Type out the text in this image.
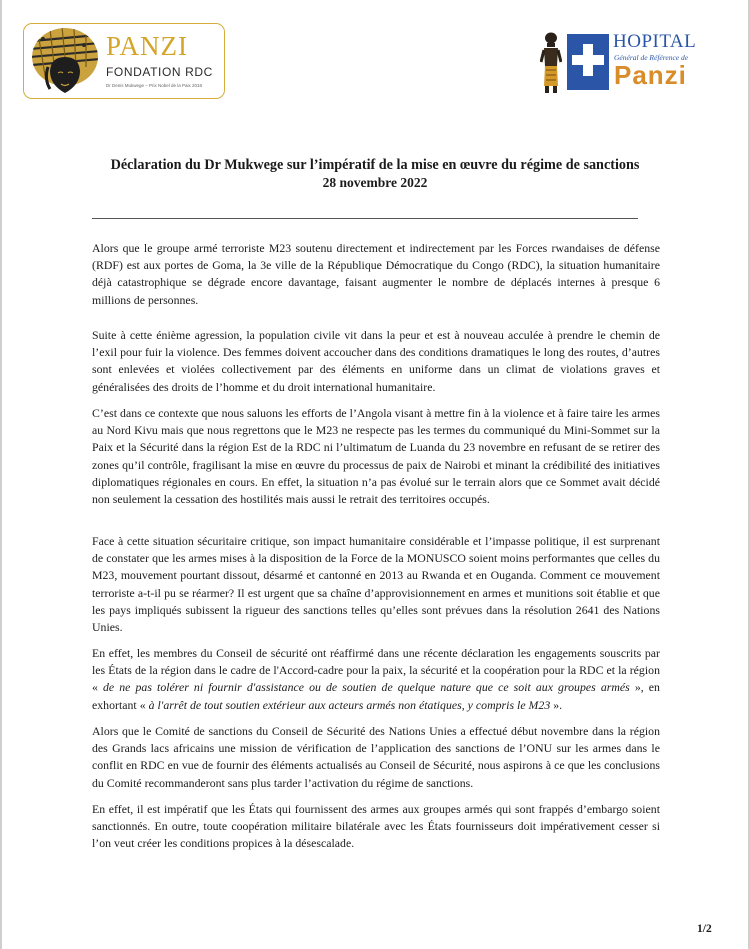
PANZI
FONDATION RDC
Dr Denis Mukwege – Prix Nobel de la Paix 2018
HOPITAL
Général de Référence de
Panzi
Déclaration du Dr Mukwege sur l’impératif de la mise en œuvre du régime de sanctions
28 novembre 2022

Alors que le groupe armé terroriste M23 soutenu directement et indirectement par les Forces rwandaises de défense (RDF) est aux portes de Goma, la 3e ville de la République Démocratique du Congo (RDC), la situation humanitaire déjà catastrophique se dégrade encore davantage, faisant augmenter le nombre de déplacés internes à presque 6 millions de personnes.

Suite à cette énième agression, la population civile vit dans la peur et est à nouveau acculée à prendre le chemin de l’exil pour fuir la violence. Des femmes doivent accoucher dans des conditions dramatiques le long des routes, d’autres sont enlevées et violées collectivement par des éléments en uniforme dans un climat de violations graves et généralisées des droits de l’homme et du droit international humanitaire.

C’est dans ce contexte que nous saluons les efforts de l’Angola visant à mettre fin à la violence et à faire taire les armes au Nord Kivu mais que nous regrettons que le M23 ne respecte pas les termes du communiqué du Mini-Sommet sur la Paix et la Sécurité dans la région Est de la RDC ni l’ultimatum de Luanda du 23 novembre en refusant de se retirer des zones qu’il contrôle, fragilisant la mise en œuvre du processus de paix de Nairobi et minant la crédibilité des initiatives diplomatiques régionales en cours. En effet, la situation n’a pas évolué sur le terrain alors que ce Sommet avait décidé non seulement la cessation des hostilités mais aussi le retrait des territoires occupés.

Face à cette situation sécuritaire critique, son impact humanitaire considérable et l’impasse politique, il est surprenant de constater que les armes mises à la disposition de la Force de la MONUSCO soient moins performantes que celles du M23, mouvement pourtant dissout, désarmé et cantonné en 2013 au Rwanda et en Ouganda. Comment ce mouvement terroriste a-t-il pu se réarmer? Il est urgent que sa chaîne d’approvisionnement en armes et munitions soit établie et que les pays impliqués subissent la rigueur des sanctions telles qu’elles sont prévues dans la résolution 2641 des Nations Unies.

En effet, les membres du Conseil de sécurité ont réaffirmé dans une récente déclaration les engagements souscrits par les États de la région dans le cadre de l'Accord-cadre pour la paix, la sécurité et la coopération pour la RDC et la région « de ne pas tolérer ni fournir d'assistance ou de soutien de quelque nature que ce soit aux groupes armés », en exhortant « à l'arrêt de tout soutien extérieur aux acteurs armés non étatiques, y compris le M23 ».

Alors que le Comité de sanctions du Conseil de Sécurité des Nations Unies a effectué début novembre dans la région des Grands lacs africains une mission de vérification de l’application des sanctions de l’ONU sur les armes dans le conflit en RDC en vue de fournir des éléments actualisés au Conseil de Sécurité, nous aspirons à ce que les conclusions du Comité recommanderont sans plus tarder l’activation du régime de sanctions.

En effet, il est impératif que les États qui fournissent des armes aux groupes armés qui sont frappés d’embargo soient sanctionnés. En outre, toute coopération militaire bilatérale avec les États fournisseurs doit impérativement cesser si l’on veut créer les conditions propices à la désescalade.

1/2
